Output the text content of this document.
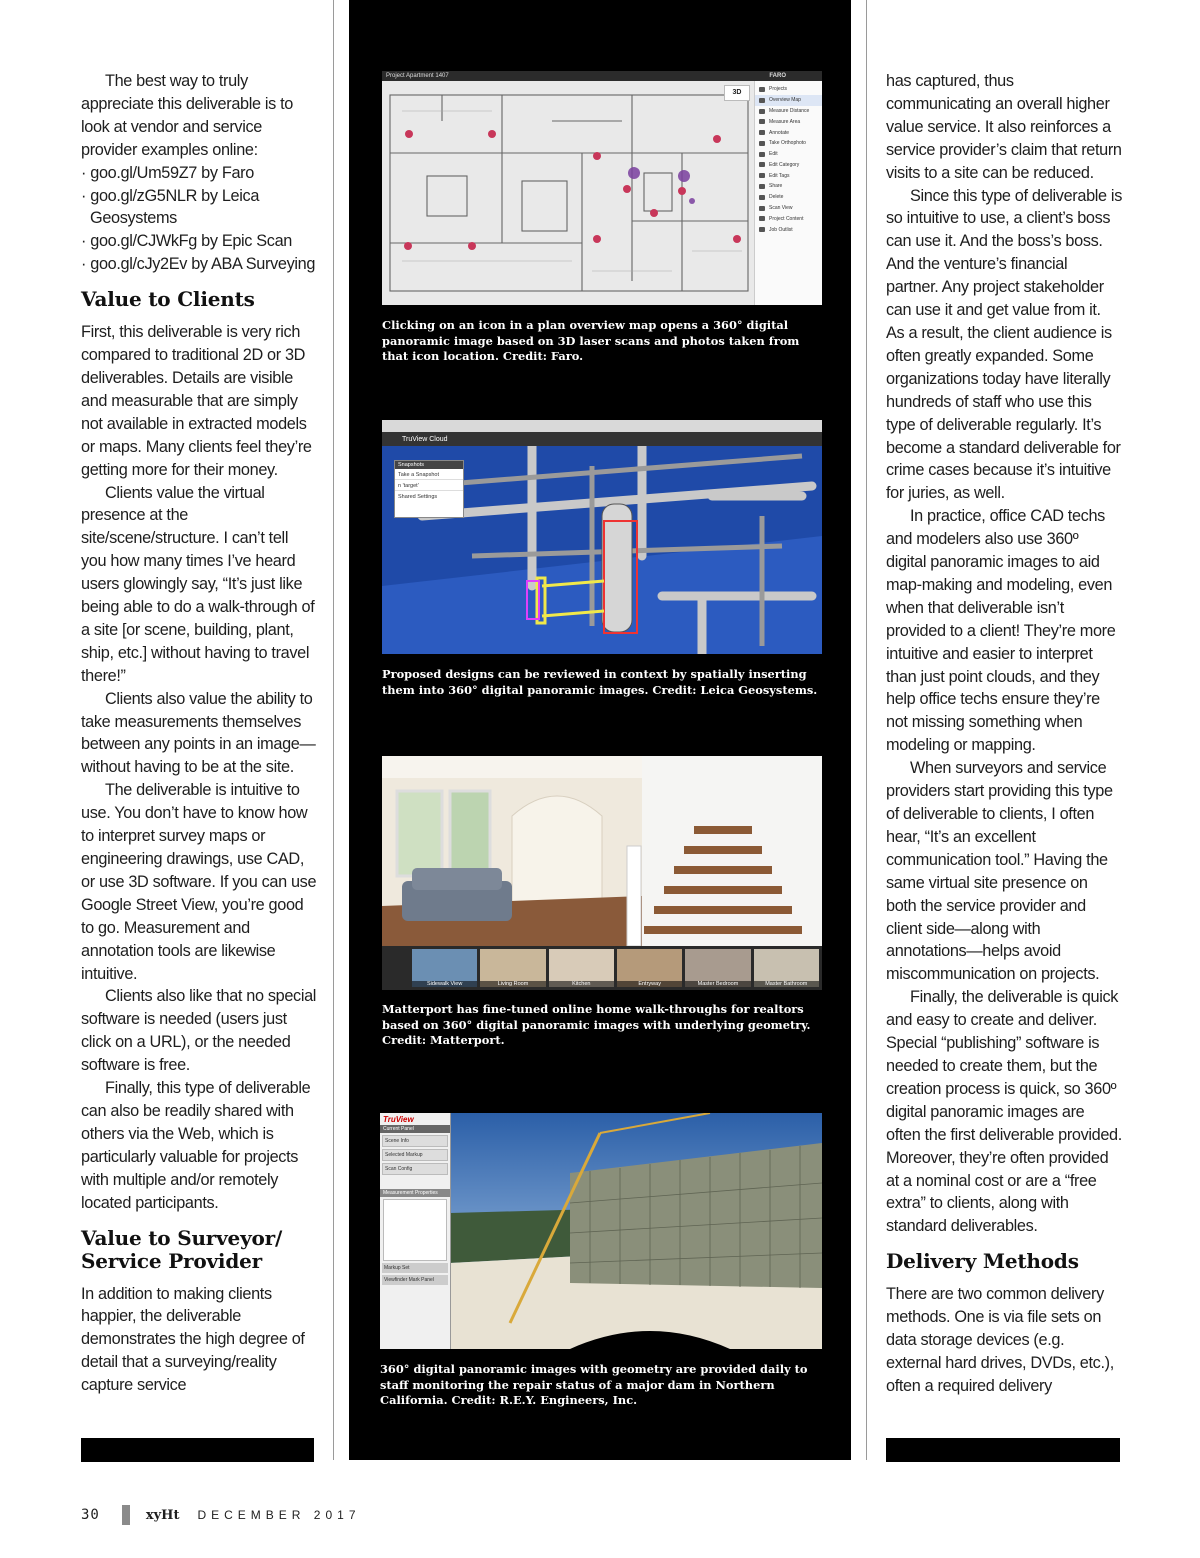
The best way to truly appreciate this deliverable is to look at vendor and service provider examples online:

· goo.gl/Um59Z7 by Faro

· goo.gl/zG5NLR by Leica Geosystems

· goo.gl/CJWkFg by Epic Scan

· goo.gl/cJy2Ev by ABA Surveying

Value to Clients

First, this deliverable is very rich compared to traditional 2D or 3D deliverables. Details are visible and measurable that are simply not available in extracted models or maps. Many clients feel they’re getting more for their money.

Clients value the virtual presence at the site/scene/structure. I can’t tell you how many times I’ve heard users glowingly say, “It’s just like being able to do a walk-through of a site [or scene, building, plant, ship, etc.] without having to travel there!”

Clients also value the ability to take measurements themselves between any points in an image—without having to be at the site.

The deliverable is intuitive to use. You don’t have to know how to interpret survey maps or engineering drawings, use CAD, or use 3D software. If you can use Google Street View, you’re good to go. Measurement and annotation tools are likewise intuitive.

Clients also like that no special software is needed (users just click on a URL), or the needed software is free.

Finally, this type of deliverable can also be readily shared with others via the Web, which is particularly valuable for projects with multiple and/or remotely located participants.

Value to Surveyor/ Service Provider

In addition to making clients happier, the deliverable demonstrates the high degree of detail that a surveying/reality capture service

Project Apartment 1407	FARO
3D	Projects
Overview Map
Measure Distance
Measure Area
Annotate
Take Orthophoto
Edit
Edit Category
Edit Tags
Share
Delete
Scan View
Project Content
Job Outlist

Clicking on an icon in a plan overview map opens a 360° digital panoramic image based on 3D laser scans and photos taken from that icon location. Credit: Faro.

TruView Cloud
Snapshots
Take a Snapshot
n 'target'
Shared Settings

Proposed designs can be reviewed in context by spatially inserting them into 360° digital panoramic images. Credit: Leica Geosystems.

Sidewalk View	Living Room	Kitchen	Entryway	Master Bedroom	Master Bathroom

Matterport has fine-tuned online home walk-throughs for realtors based on 360° digital panoramic images with underlying geometry. Credit: Matterport.

TruView
Current Panel
Scene Info
Selected Markup
Scan Config
Measurement Properties
Markup Set
Viewfinder Mark Panel

360° digital panoramic images with geometry are provided daily to staff monitoring the repair status of a major dam in Northern California. Credit: R.E.Y. Engineers, Inc.

has captured, thus communicating an overall higher value service. It also reinforces a service provider’s claim that return visits to a site can be reduced.

Since this type of deliverable is so intuitive to use, a client’s boss can use it. And the boss’s boss. And the venture’s financial partner. Any project stakeholder can use it and get value from it. As a result, the client audience is often greatly expanded. Some organizations today have literally hundreds of staff who use this type of deliverable regularly. It’s become a standard deliverable for crime cases because it’s intuitive for juries, as well.

In practice, office CAD techs and modelers also use 360º digital panoramic images to aid map-making and modeling, even when that deliverable isn’t provided to a client! They’re more intuitive and easier to interpret than just point clouds, and they help office techs ensure they’re not missing something when modeling or mapping.

When surveyors and service providers start providing this type of deliverable to clients, I often hear, “It’s an excellent communication tool.” Having the same virtual site presence on both the service provider and client side—along with annotations—helps avoid miscommunication on projects.

Finally, the deliverable is quick and easy to create and deliver. Special “publishing” software is needed to create them, but the creation process is quick, so 360º digital panoramic images are often the first deliverable provided. Moreover, they’re often provided at a nominal cost or are a “free extra” to clients, along with standard deliverables.

Delivery Methods

There are two common delivery methods. One is via file sets on data storage devices (e.g. external hard drives, DVDs, etc.), often a required delivery

30	xyHt DECEMBER 2017
